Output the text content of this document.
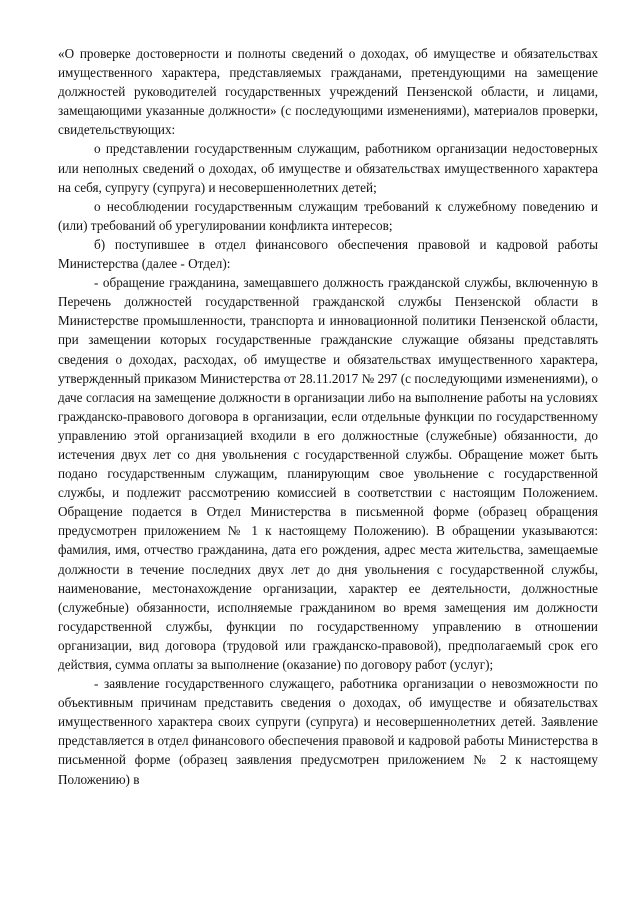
«О проверке достоверности и полноты сведений о доходах, об имуществе и обязательствах имущественного характера, представляемых гражданами, претендующими на замещение должностей руководителей государственных учреждений Пензенской области, и лицами, замещающими указанные должности» (с последующими изменениями), материалов проверки, свидетельствующих:

о представлении государственным служащим, работником организации недостоверных или неполных сведений о доходах, об имуществе и обязательствах имущественного характера на себя, супругу (супруга) и несовершеннолетних детей;

о несоблюдении государственным служащим требований к служебному поведению и (или) требований об урегулировании конфликта интересов;

б) поступившее в отдел финансового обеспечения правовой и кадровой работы Министерства (далее - Отдел):

- обращение гражданина, замещавшего должность гражданской службы, включенную в Перечень должностей государственной гражданской службы Пензенской области в Министерстве промышленности, транспорта и инновационной политики Пензенской области, при замещении которых государственные гражданские служащие обязаны представлять сведения о доходах, расходах, об имуществе и обязательствах имущественного характера, утвержденный приказом Министерства от 28.11.2017 № 297 (с последующими изменениями), о даче согласия на замещение должности в организации либо на выполнение работы на условиях гражданско-правового договора в организации, если отдельные функции по государственному управлению этой организацией входили в его должностные (служебные) обязанности, до истечения двух лет со дня увольнения с государственной службы. Обращение может быть подано государственным служащим, планирующим свое увольнение с государственной службы, и подлежит рассмотрению комиссией в соответствии с настоящим Положением. Обращение подается в Отдел Министерства в письменной форме (образец обращения предусмотрен приложением № 1 к настоящему Положению). В обращении указываются: фамилия, имя, отчество гражданина, дата его рождения, адрес места жительства, замещаемые должности в течение последних двух лет до дня увольнения с государственной службы, наименование, местонахождение организации, характер ее деятельности, должностные (служебные) обязанности, исполняемые гражданином во время замещения им должности государственной службы, функции по государственному управлению в отношении организации, вид договора (трудовой или гражданско-правовой), предполагаемый срок его действия, сумма оплаты за выполнение (оказание) по договору работ (услуг);

- заявление государственного служащего, работника организации о невозможности по объективным причинам представить сведения о доходах, об имуществе и обязательствах имущественного характера своих супруги (супруга) и несовершеннолетних детей. Заявление представляется в отдел финансового обеспечения правовой и кадровой работы Министерства в письменной форме (образец заявления предусмотрен приложением № 2 к настоящему Положению) в
